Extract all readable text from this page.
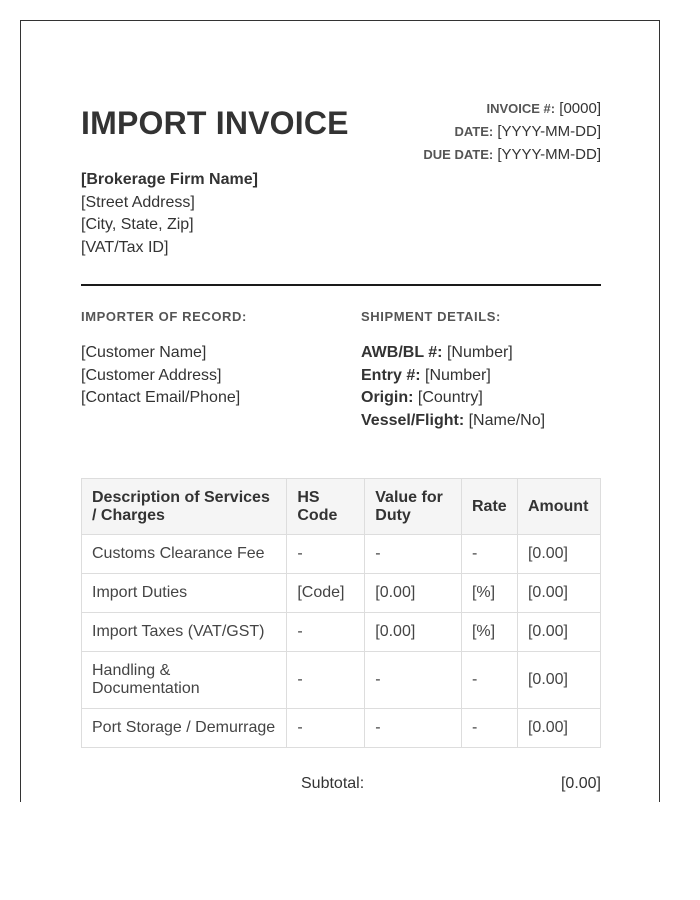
IMPORT INVOICE	INVOICE #: [0000]
DATE: [YYYY-MM-DD]
DUE DATE: [YYYY-MM-DD]
[Brokerage Firm Name]
[Street Address]
[City, State, Zip]
[VAT/Tax ID]
IMPORTER OF RECORD:	SHIPMENT DETAILS:
[Customer Name]
[Customer Address]
[Contact Email/Phone]
AWB/BL #: [Number]
Entry #: [Number]
Origin: [Country]
Vessel/Flight: [Name/No]
Description of Services / Charges	HS Code	Value for Duty	Rate	Amount
Customs Clearance Fee	-	-	-	[0.00]
Import Duties	[Code]	[0.00]	[%]	[0.00]
Import Taxes (VAT/GST)	-	[0.00]	[%]	[0.00]
Handling & Documentation	-	-	-	[0.00]
Port Storage / Demurrage	-	-	-	[0.00]
Subtotal:	[0.00]
